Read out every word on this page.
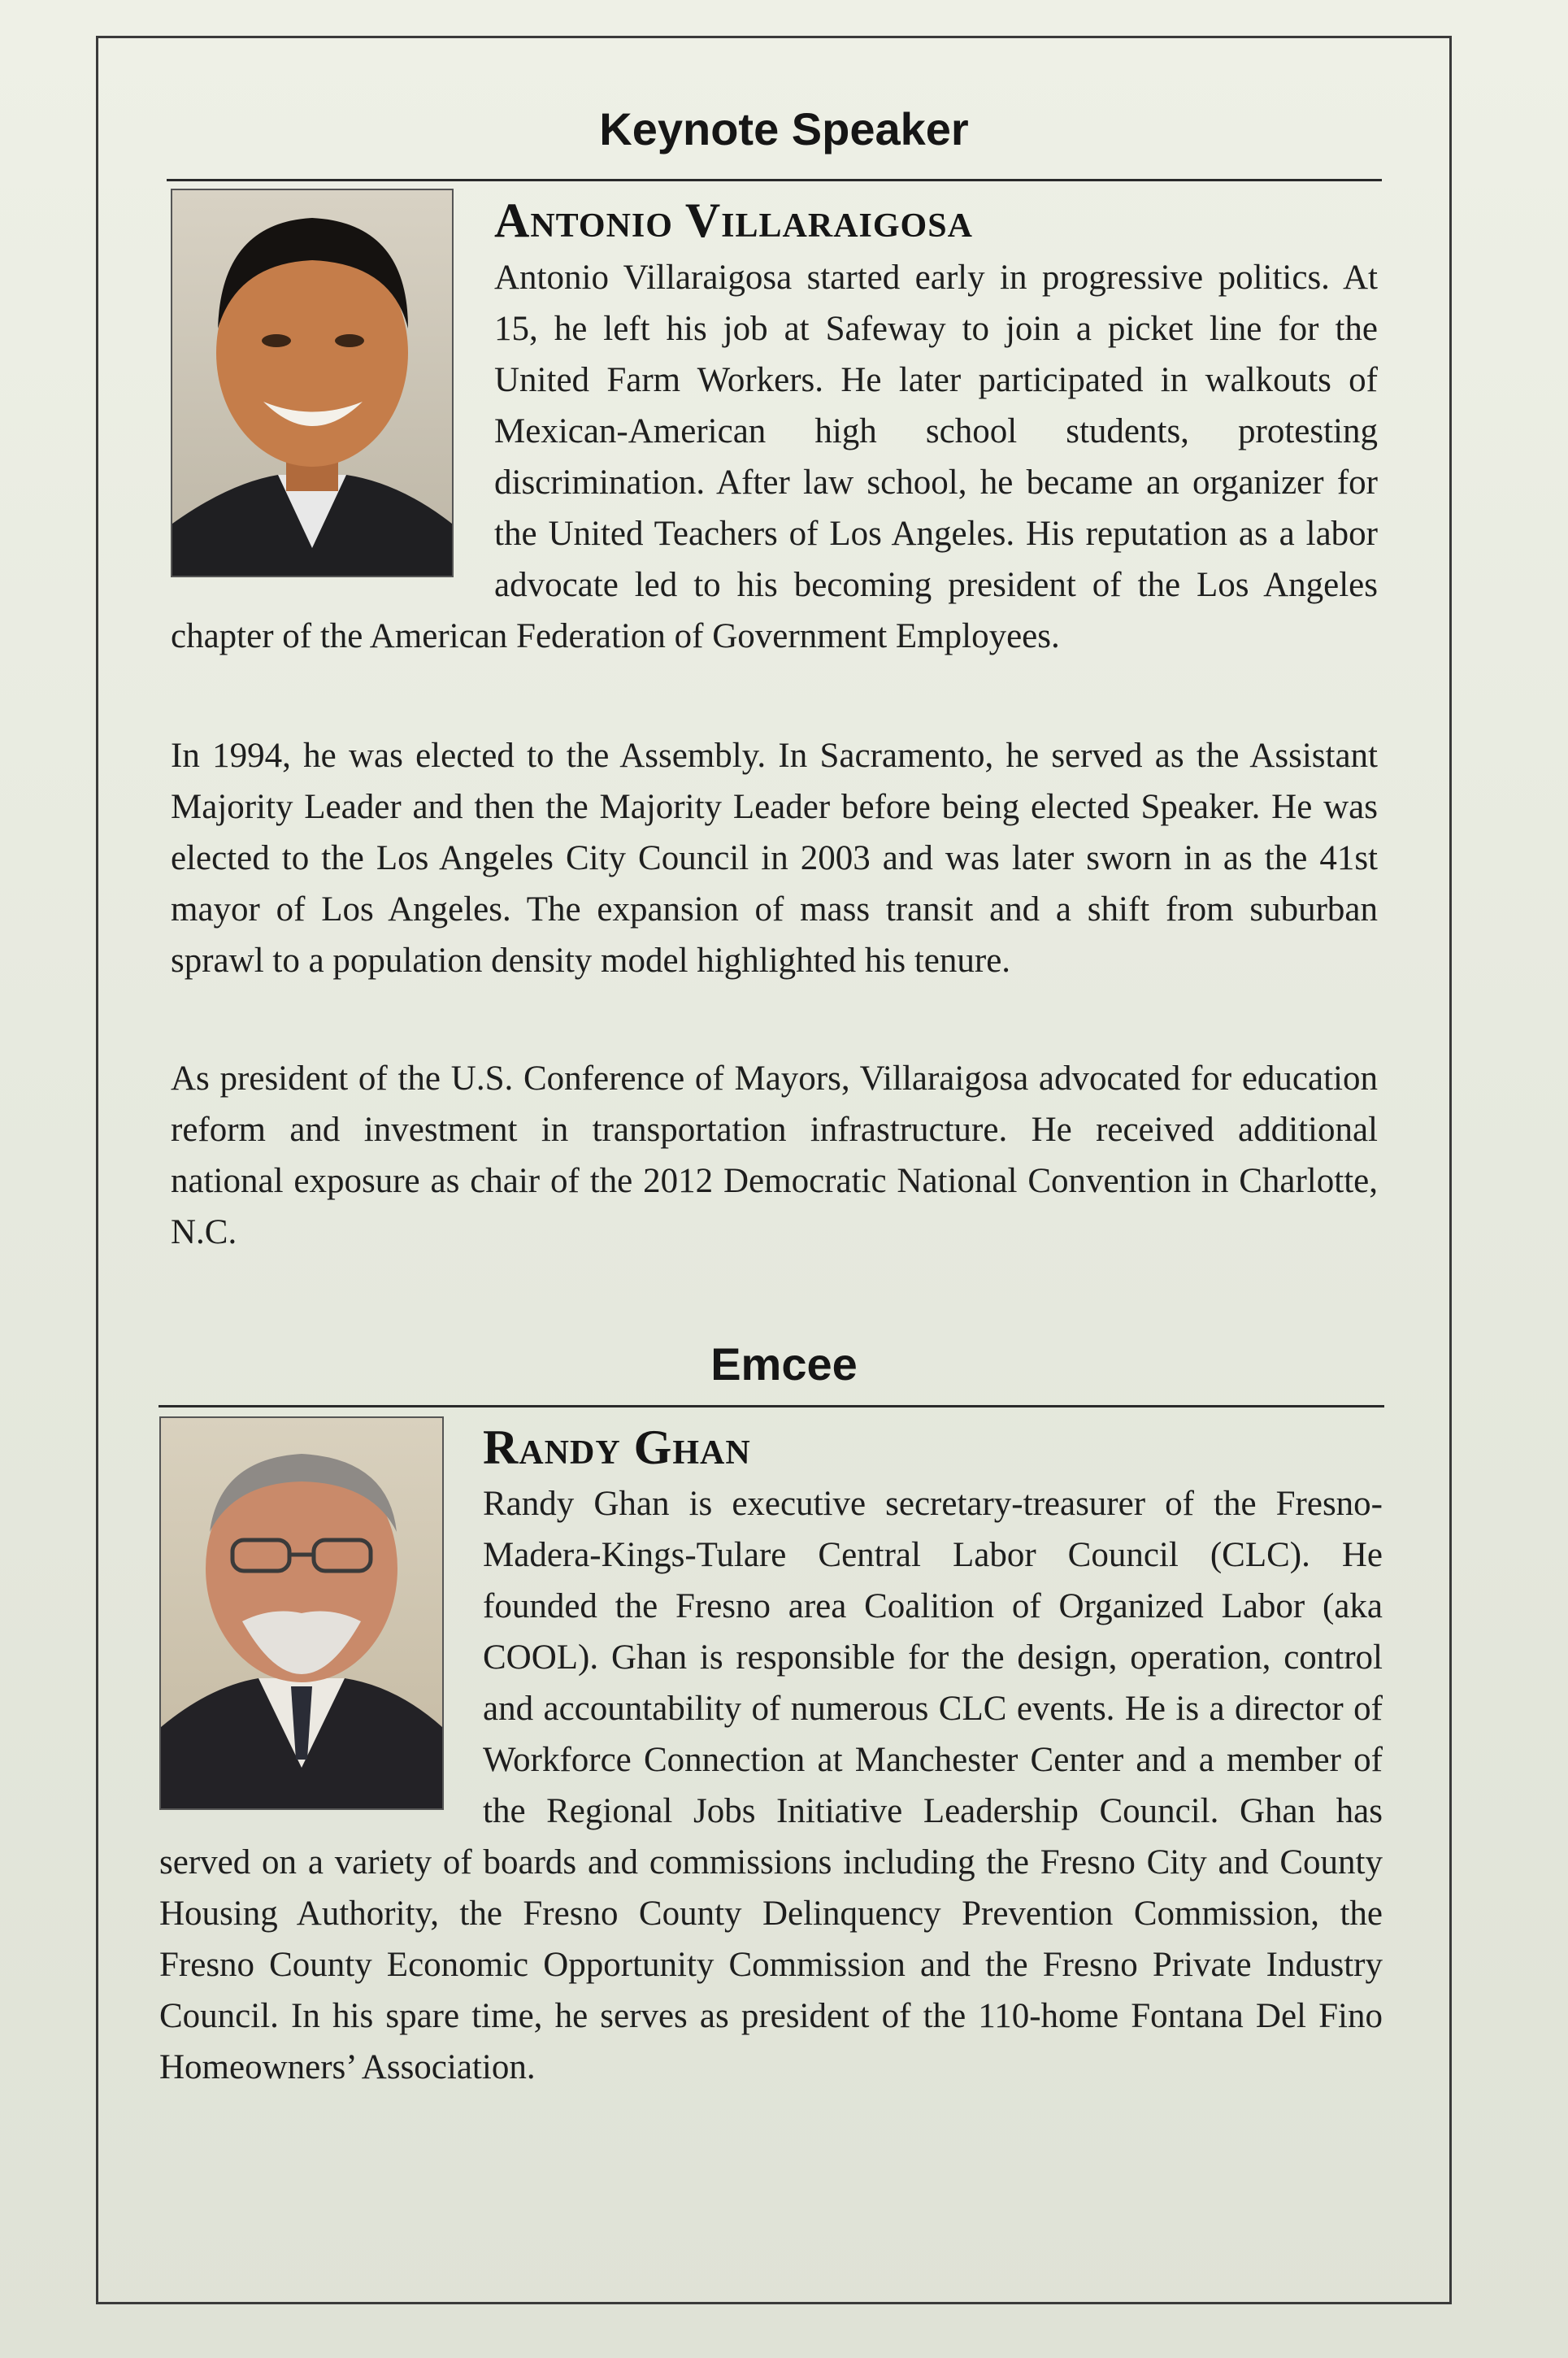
Keynote Speaker
Antonio Villaraigosa

Antonio Villaraigosa started early in progressive politics. At 15, he left his job at Safeway to join a picket line for the United Farm Workers. He later participated in walkouts of Mexican-American high school students, protesting discrimination. After law school, he became an organizer for the United Teachers of Los Angeles. His reputation as a labor advocate led to his becoming president of the Los Angeles chapter of the American Federation of Government Employees.

In 1994, he was elected to the Assembly. In Sacramento, he served as the Assistant Majority Leader and then the Majority Leader before being elected Speaker. He was elected to the Los Angeles City Council in 2003 and was later sworn in as the 41st mayor of Los Angeles. The expansion of mass transit and a shift from suburban sprawl to a population density model highlighted his tenure.

As president of the U.S. Conference of Mayors, Villaraigosa advocated for education reform and investment in transportation infrastructure. He received additional national exposure as chair of the 2012 Democratic National Convention in Charlotte, N.C.

Emcee
Randy Ghan

Randy Ghan is executive secretary-treasurer of the Fresno-Madera-Kings-Tulare Central Labor Council (CLC). He founded the Fresno area Coalition of Organized Labor (aka COOL). Ghan is responsible for the design, operation, control and accountability of numerous CLC events. He is a director of Workforce Connection at Manchester Center and a member of the Regional Jobs Initiative Leadership Council. Ghan has served on a variety of boards and commissions including the Fresno City and County Housing Authority, the Fresno County Delinquency Prevention Commission, the Fresno County Economic Opportunity Commission and the Fresno Private Industry Council. In his spare time, he serves as president of the 110-home Fontana Del Fino Homeowners’ Association.
